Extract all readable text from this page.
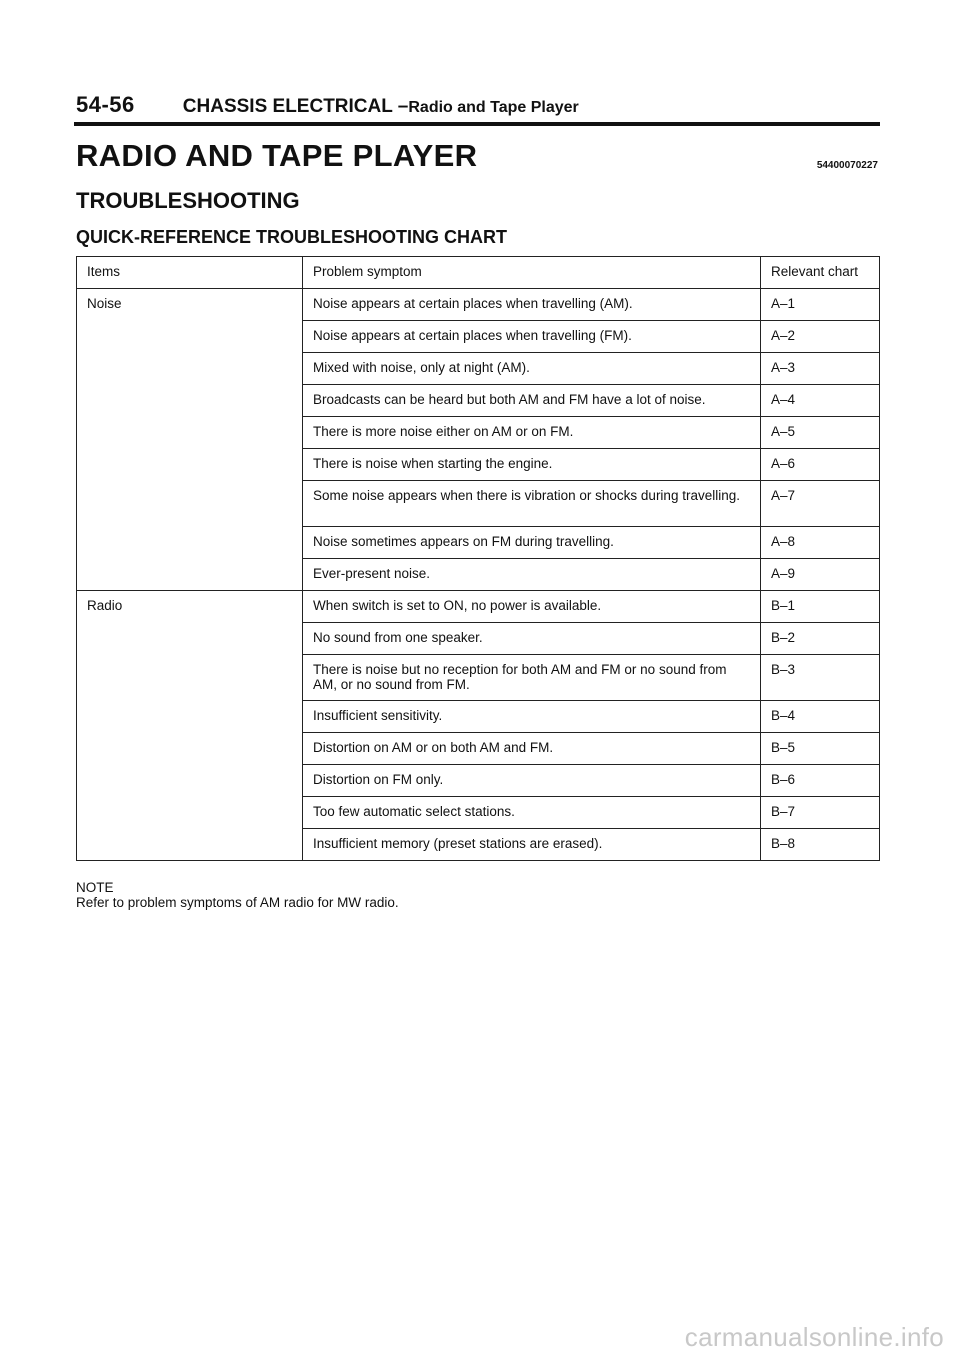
54-56	CHASSIS ELECTRICAL – Radio and Tape Player
RADIO AND TAPE PLAYER	54400070227
TROUBLESHOOTING
QUICK-REFERENCE TROUBLESHOOTING CHART
Items	Problem symptom	Relevant chart
Noise	Noise appears at certain places when travelling (AM).	A–1
	Noise appears at certain places when travelling (FM).	A–2
	Mixed with noise, only at night (AM).	A–3
	Broadcasts can be heard but both AM and FM have a lot of noise.	A–4
	There is more noise either on AM or on FM.	A–5
	There is noise when starting the engine.	A–6
	Some noise appears when there is vibration or shocks during travelling.	A–7
	Noise sometimes appears on FM during travelling.	A–8
	Ever-present noise.	A–9
Radio	When switch is set to ON, no power is available.	B–1
	No sound from one speaker.	B–2
	There is noise but no reception for both AM and FM or no sound from AM, or no sound from FM.	B–3
	Insufficient sensitivity.	B–4
	Distortion on AM or on both AM and FM.	B–5
	Distortion on FM only.	B–6
	Too few automatic select stations.	B–7
	Insufficient memory (preset stations are erased).	B–8
NOTE
Refer to problem symptoms of AM radio for MW radio.
carmanualsonline.info
